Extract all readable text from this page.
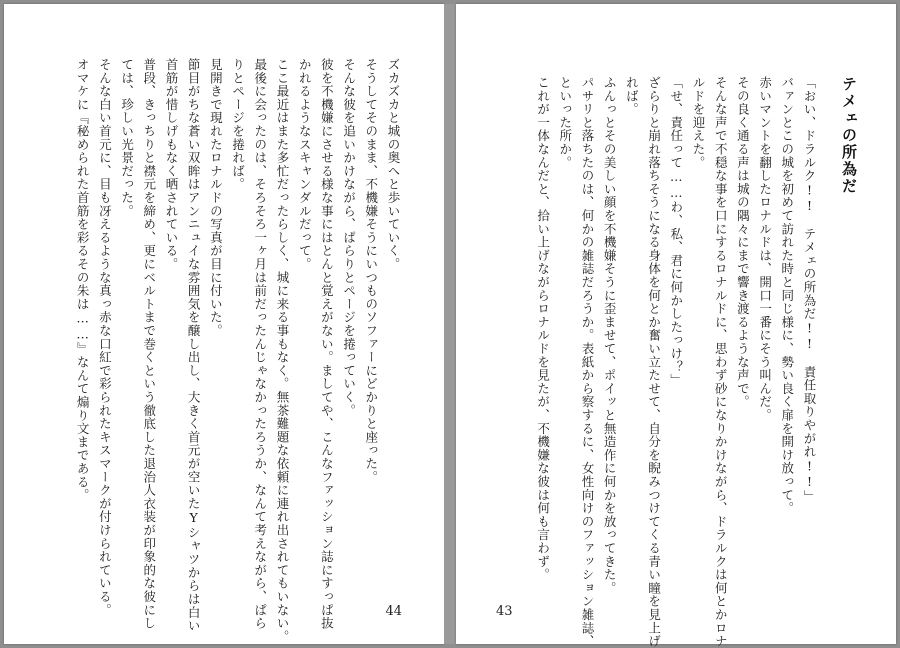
ズカズカと城の奥へと歩いていく。

そうしてそのまま、不機嫌そうにいつものソファーにどかりと座った。

そんな彼を追いかけながら、ぱらりとページを捲っていく。

彼を不機嫌にさせる様な事にはとんと覚えがない。ましてや、こんなファッション誌にすっぱ抜

かれるようなスキャンダルだって。

ここ最近はまた多忙だったらしく、城に来る事もなく。無茶難題な依頼に連れ出されてもいない。

最後に会ったのは、そろそろ一ヶ月は前だったんじゃなかったろうか、なんて考えながら、ぱら

りとページを捲れば。

見開きで現れたロナルドの写真が目に付いた。

節目がちな蒼い双眸はアンニュイな雰囲気を醸し出し、大きく首元が空いたYシャツからは白い

首筋が惜しげもなく晒されている。

普段、きっちりと襟元を締め、更にベルトまで巻くという徹底した退治人衣装が印象的な彼にし

ては、珍しい光景だった。

そんな白い首元に、目も冴えるような真っ赤な口紅で彩られたキスマークが付けられている。

オマケに『秘められた首筋を彩るその朱は……』なんて煽り文まである。

44
テメェの所為だ

「おい、ドラルク!!　テメェの所為だ!!　責任取りやがれ!!」

バァンとこの城を初めて訪れた時と同じ様に、勢い良く扉を開け放って。

赤いマントを翻したロナルドは、開口一番にそう叫んだ。

その良く通る声は城の隅々にまで響き渡るような声で。

そんな声で不穏な事を口にするロナルドに、思わず砂になりかけながら、ドラルクは何とかロナ

ルドを迎えた。

「せ、責任って……わ、私、君に何かしたっけ？」

ざらりと崩れ落ちそうになる身体を何とか奮い立たせて、自分を睨みつけてくる青い瞳を見上げ

れば。

ふんっとその美しい顔を不機嫌そうに歪ませて、ポイッと無造作に何かを放ってきた。

パサリと落ちたのは、何かの雑誌だろうか。表紙から察するに、女性向けのファッション雑誌、

といった所か。

これが一体なんだと、拾い上げながらロナルドを見たが、不機嫌な彼は何も言わず。

43
